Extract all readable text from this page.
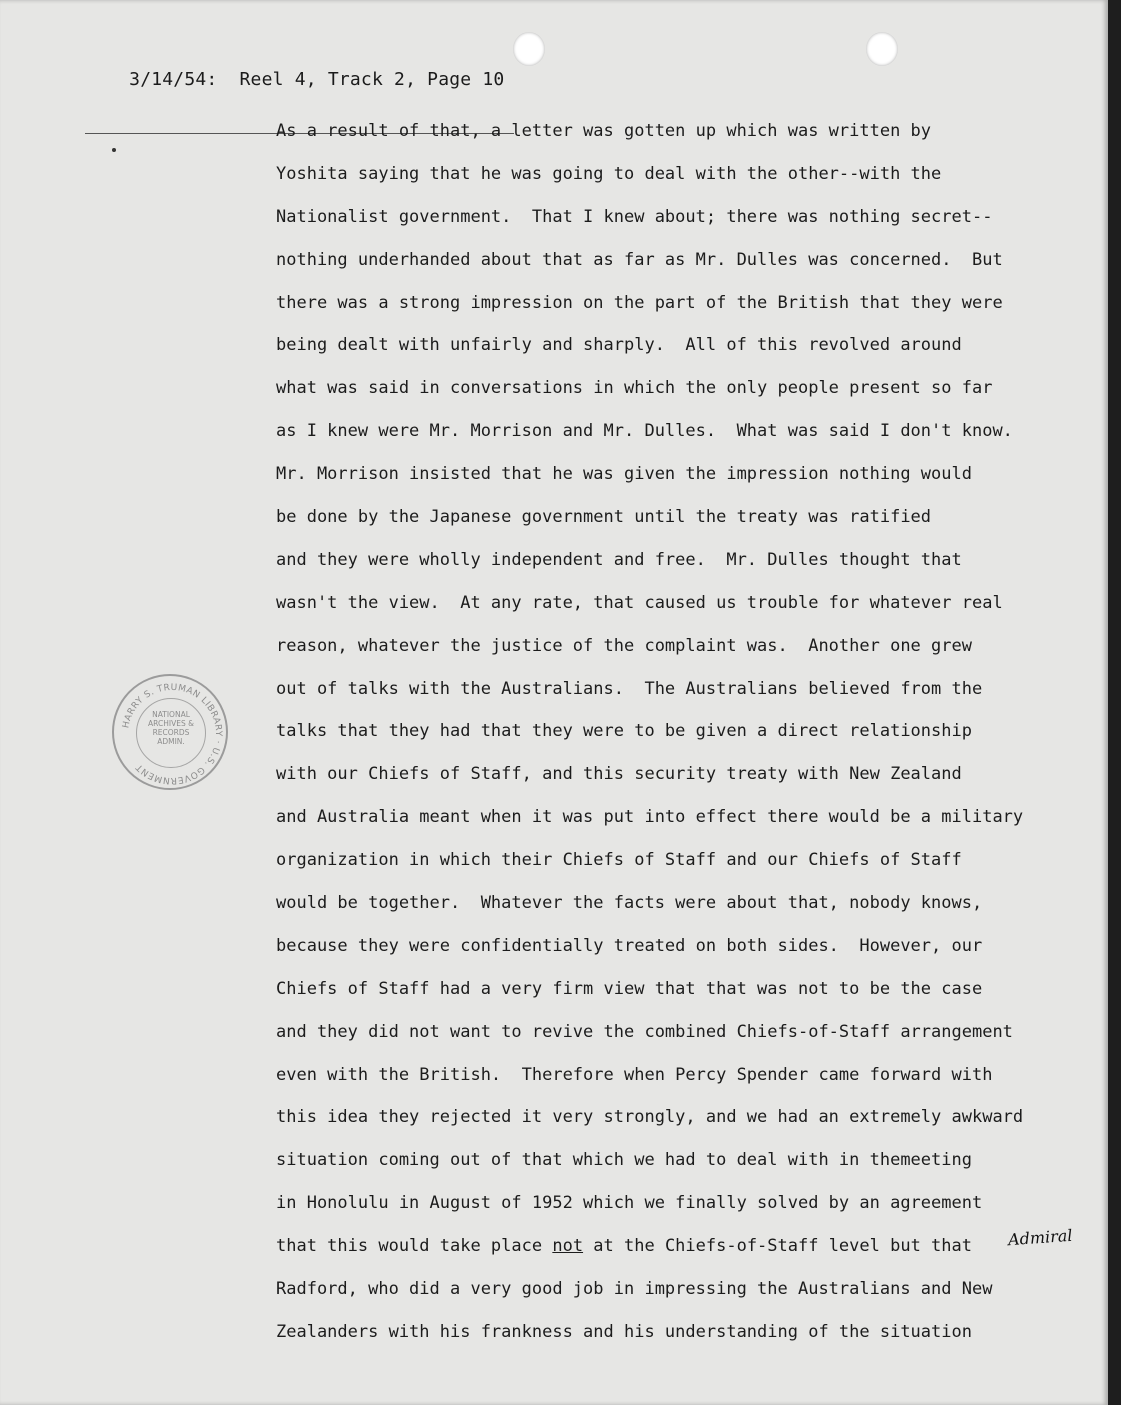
3/14/54:  Reel 4, Track 2, Page 10

As a result of that, a letter was gotten up which was written by
Yoshita saying that he was going to deal with the other--with the
Nationalist government.  That I knew about; there was nothing secret--
nothing underhanded about that as far as Mr. Dulles was concerned.  But
there was a strong impression on the part of the British that they were
being dealt with unfairly and sharply.  All of this revolved around
what was said in conversations in which the only people present so far
as I knew were Mr. Morrison and Mr. Dulles.  What was said I don't know.
Mr. Morrison insisted that he was given the impression nothing would
be done by the Japanese government until the treaty was ratified
and they were wholly independent and free.  Mr. Dulles thought that
wasn't the view.  At any rate, that caused us trouble for whatever real
reason, whatever the justice of the complaint was.  Another one grew
out of talks with the Australians.  The Australians believed from the
talks that they had that they were to be given a direct relationship
with our Chiefs of Staff, and this security treaty with New Zealand
and Australia meant when it was put into effect there would be a military
organization in which their Chiefs of Staff and our Chiefs of Staff
would be together.  Whatever the facts were about that, nobody knows,
because they were confidentially treated on both sides.  However, our
Chiefs of Staff had a very firm view that that was not to be the case
and they did not want to revive the combined Chiefs-of-Staff arrangement
even with the British.  Therefore when Percy Spender came forward with
this idea they rejected it very strongly, and we had an extremely awkward
situation coming out of that which we had to deal with in themeeting
in Honolulu in August of 1952 which we finally solved by an agreement
that this would take place not at the Chiefs-of-Staff level but that
Radford, who did a very good job in impressing the Australians and New
Zealanders with his frankness and his understanding of the situation
HARRY S. TRUMAN LIBRARY · U.S. GOVERNMENT
NATIONAL
ARCHIVES &
RECORDS
ADMIN.
Admiral
